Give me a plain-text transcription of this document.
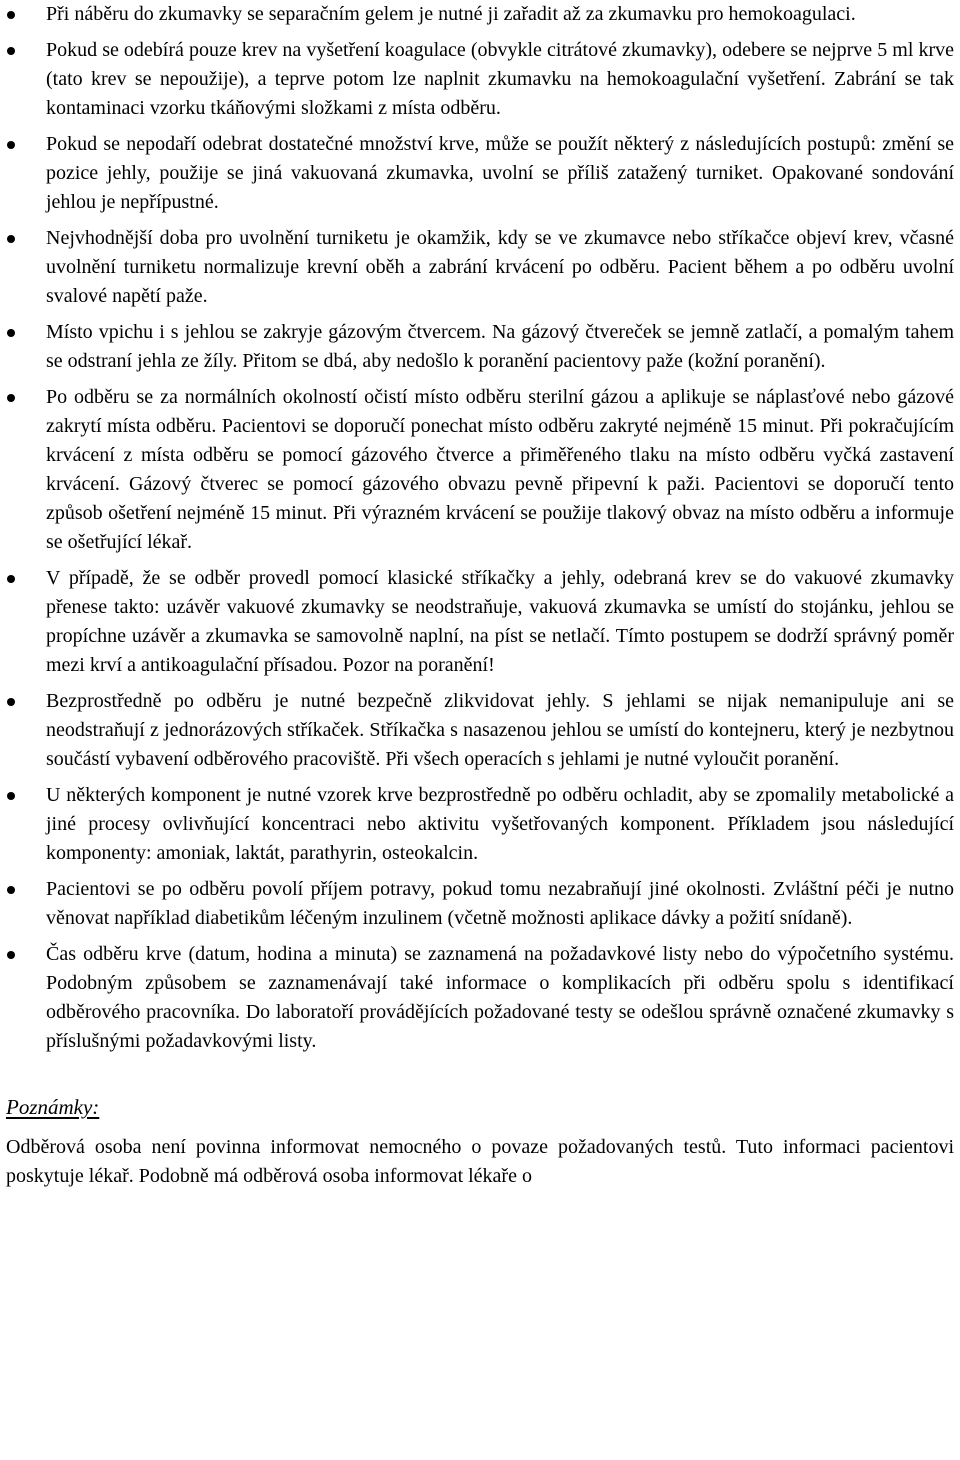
Při náběru do zkumavky se separačním gelem je nutné ji zařadit až za zkumavku pro hemokoagulaci.
Pokud se odebírá pouze krev na vyšetření koagulace (obvykle citrátové zkumavky), odebere se nejprve 5 ml krve (tato krev se nepoužije), a teprve potom lze naplnit zkumavku na hemokoagulační vyšetření. Zabrání se tak kontaminaci vzorku tkáňovými složkami z místa odběru.
Pokud se nepodaří odebrat dostatečné množství krve, může se použít některý z následujících postupů: změní se pozice jehly, použije se jiná vakuovaná zkumavka, uvolní se příliš zatažený turniket. Opakované sondování jehlou je nepřípustné.
Nejvhodnější doba pro uvolnění turniketu je okamžik, kdy se ve zkumavce nebo stříkačce objeví krev, včasné uvolnění turniketu normalizuje krevní oběh a zabrání krvácení po odběru. Pacient během a po odběru uvolní svalové napětí paže.
Místo vpichu i s jehlou se zakryje gázovým čtvercem. Na gázový čtvereček se jemně zatlačí, a pomalým tahem se odstraní jehla ze žíly. Přitom se dbá, aby nedošlo k poranění pacientovy paže (kožní poranění).
Po odběru se za normálních okolností očistí místo odběru sterilní gázou a aplikuje se náplasťové nebo gázové zakrytí místa odběru. Pacientovi se doporučí ponechat místo odběru zakryté nejméně 15 minut. Při pokračujícím krvácení z místa odběru se pomocí gázového čtverce a přiměřeného tlaku na místo odběru vyčká zastavení krvácení. Gázový čtverec se pomocí gázového obvazu pevně připevní k paži. Pacientovi se doporučí tento způsob ošetření nejméně 15 minut. Při výrazném krvácení se použije tlakový obvaz na místo odběru a informuje se ošetřující lékař.
V případě, že se odběr provedl pomocí klasické stříkačky a jehly, odebraná krev se do vakuové zkumavky přenese takto: uzávěr vakuové zkumavky se neodstraňuje, vakuová zkumavka se umístí do stojánku, jehlou se propíchne uzávěr a zkumavka se samovolně naplní, na píst se netlačí. Tímto postupem se dodrží správný poměr mezi krví a antikoagulační přísadou. Pozor na poranění!
Bezprostředně po odběru je nutné bezpečně zlikvidovat jehly. S jehlami se nijak nemanipuluje ani se neodstraňují z jednorázových stříkaček. Stříkačka s nasazenou jehlou se umístí do kontejneru, který je nezbytnou součástí vybavení odběrového pracoviště. Při všech operacích s jehlami je nutné vyloučit poranění.
U některých komponent je nutné vzorek krve bezprostředně po odběru ochladit, aby se zpomalily metabolické a jiné procesy ovlivňující koncentraci nebo aktivitu vyšetřovaných komponent. Příkladem jsou následující komponenty: amoniak, laktát, parathyrin, osteokalcin.
Pacientovi se po odběru povolí příjem potravy, pokud tomu nezabraňují jiné okolnosti. Zvláštní péči je nutno věnovat například diabetikům léčeným inzulinem (včetně možnosti aplikace dávky a požití snídaně).
Čas odběru krve (datum, hodina a minuta) se zaznamená na požadavkové listy nebo do výpočetního systému. Podobným způsobem se zaznamenávají také informace o komplikacích při odběru spolu s identifikací odběrového pracovníka. Do laboratoří provádějících požadované testy se odešlou správně označené zkumavky s příslušnými požadavkovými listy.
Poznámky:
Odběrová osoba není povinna informovat nemocného o povaze požadovaných testů. Tuto informaci pacientovi poskytuje lékař. Podobně má odběrová osoba informovat lékaře o
